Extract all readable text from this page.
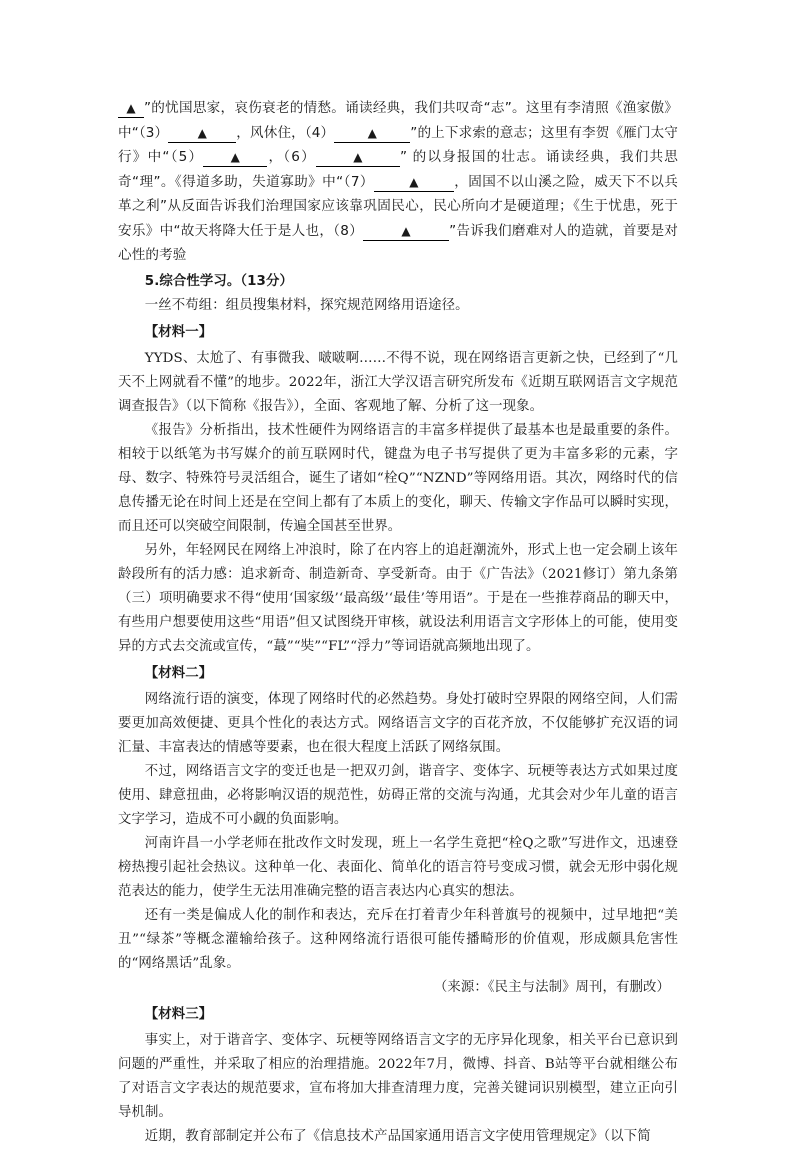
▲ ”的忧国思家，哀伤衰老的情愁。诵读经典，我们共叹奇“志”。这里有李清照《渔家傲》中“（3） ▲ ，风休住，（4）	▲ ”的上下求索的意志；这里有李贺《雁门太守行》中“（5） ▲ ，（6）	▲	” 的以身报国的壮志。诵读经典，我们共思奇“理”。《得道多助，失道寡助》中“（7）	▲	，固国不以山溪之险，威天下不以兵革之利”从反面告诉我们治理国家应该靠巩固民心，民心所向才是硬道理；《生于忧患，死于安乐》中“故天将降大任于是人也，（8）	▲	”告诉我们磨难对人的造就，首要是对心性的考验

5.综合性学习。（13分）

一丝不苟组：组员搜集材料，探究规范网络用语途径。

【材料一】

YYDS、太尬了、有事微我、啵啵啊……不得不说，现在网络语言更新之快，已经到了“几天不上网就看不懂”的地步。2022年，浙江大学汉语言研究所发布《近期互联网语言文字规范调查报告》（以下简称《报告》），全面、客观地了解、分析了这一现象。

《报告》分析指出，技术性硬件为网络语言的丰富多样提供了最基本也是最重要的条件。相较于以纸笔为书写媒介的前互联网时代，键盘为电子书写提供了更为丰富多彩的元素，字母、数字、特殊符号灵活组合，诞生了诸如“栓Q”“NZND”等网络用语。其次，网络时代的信息传播无论在时间上还是在空间上都有了本质上的变化，聊天、传输文字作品可以瞬时实现，而且还可以突破空间限制，传遍全国甚至世界。

另外，年轻网民在网络上冲浪时，除了在内容上的追赶潮流外，形式上也一定会刷上该年龄段所有的活力感：追求新奇、制造新奇、享受新奇。由于《广告法》（2021修订）第九条第（三）项明确要求不得“使用‘国家级’‘最高级’‘最佳’等用语”。于是在一些推荐商品的聊天中，有些用户想要使用这些“用语”但又试图绕开审核，就设法利用语言文字形体上的可能，使用变异的方式去交流或宣传，“蕞”“奘”“FL”“浮力”等词语就高频地出现了。

【材料二】

网络流行语的演变，体现了网络时代的必然趋势。身处打破时空界限的网络空间，人们需要更加高效便捷、更具个性化的表达方式。网络语言文字的百花齐放，不仅能够扩充汉语的词汇量、丰富表达的情感等要素，也在很大程度上活跃了网络氛围。

不过，网络语言文字的变迁也是一把双刃剑，谐音字、变体字、玩梗等表达方式如果过度使用、肆意扭曲，必将影响汉语的规范性，妨碍正常的交流与沟通，尤其会对少年儿童的语言文字学习，造成不可小觑的负面影响。

河南许昌一小学老师在批改作文时发现，班上一名学生竟把“栓Q之歌”写进作文，迅速登榜热搜引起社会热议。这种单一化、表面化、简单化的语言符号变成习惯，就会无形中弱化规范表达的能力，使学生无法用准确完整的语言表达内心真实的想法。

还有一类是偏成人化的制作和表达，充斥在打着青少年科普旗号的视频中，过早地把“美丑”“绿茶”等概念灌输给孩子。这种网络流行语很可能传播畸形的价值观，形成颇具危害性的“网络黑话”乱象。

（来源：《民主与法制》周刊，有删改）

【材料三】

事实上，对于谐音字、变体字、玩梗等网络语言文字的无序异化现象，相关平台已意识到问题的严重性，并采取了相应的治理措施。2022年7月，微博、抖音、B站等平台就相继公布了对语言文字表达的规范要求，宣布将加大排查清理力度，完善关键词识别模型，建立正向引导机制。

近期，教育部制定并公布了《信息技术产品国家通用语言文字使用管理规定》（以下简
